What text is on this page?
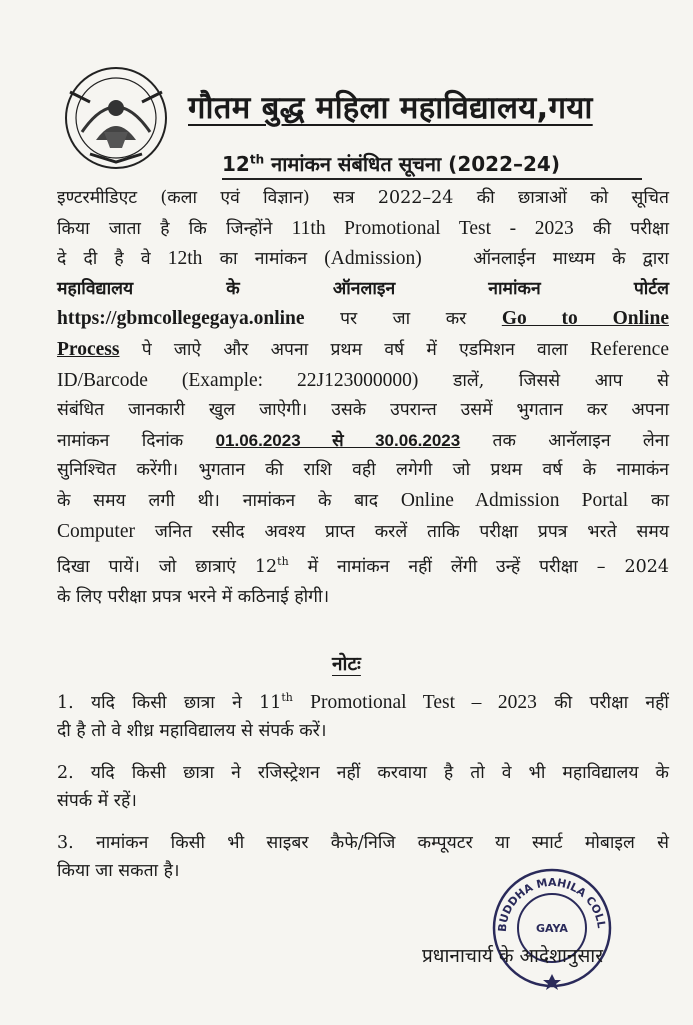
गौतम बुद्ध महिला महाविद्यालय,गया
12th नामांकन संबंधित सूचना (2022–24)
इण्टरमीडिएट (कला एवं विज्ञान) सत्र 2022–24 की छात्राओं को सूचित
किया जाता है कि जिन्होंने 11th Promotional Test - 2023 की परीक्षा
दे दी है वे 12th का नामांकन (Admission)	ऑनलाईन माध्यम के द्वारा
महाविद्यालय के ऑनलाइन नामांकन पोर्टल
https://gbmcollegegaya.online पर जा कर Go to Online
Process पे जाऐ और अपना प्रथम वर्ष में एडमिशन वाला Reference
ID/Barcode (Example: 22J123000000) डालें, जिससे आप से
संबंधित जानकारी खुल जाऐगी। उसके उपरान्त उसमें भुगतान कर अपना
नामांकन दिनांक 01.06.2023 से 30.06.2023 तक आनॅलाइन लेना
सुनिश्चित करेंगी। भुगतान की राशि वही लगेगी जो प्रथम वर्ष के नामाकंन
के समय लगी थी। नामांकन के बाद Online Admission Portal का
Computer जनित रसीद अवश्य प्राप्त करलें ताकि परीक्षा प्रपत्र भरते समय
दिखा पायें। जो छात्राएं 12th में नामांकन नहीं लेंगी उन्हें परीक्षा – 2024
के लिए परीक्षा प्रपत्र भरने में कठिनाई होगी।
नोटः
1. यदि किसी छात्रा ने 11th Promotional Test – 2023 की परीक्षा नहीं
दी है तो वे शीध्र महाविद्यालय से संपर्क करें।
2. यदि किसी छात्रा ने रजिस्ट्रेशन नहीं करवाया है तो वे भी महाविद्यालय के
संपर्क में रहें।
3. नामांकन किसी भी साइबर कैफे/निजि कम्पूयटर या स्मार्ट मोबाइल से
किया जा सकता है।
BUDDHA MAHILA COLL
GAYA
प्रधानाचार्य के आदेशानुसार
